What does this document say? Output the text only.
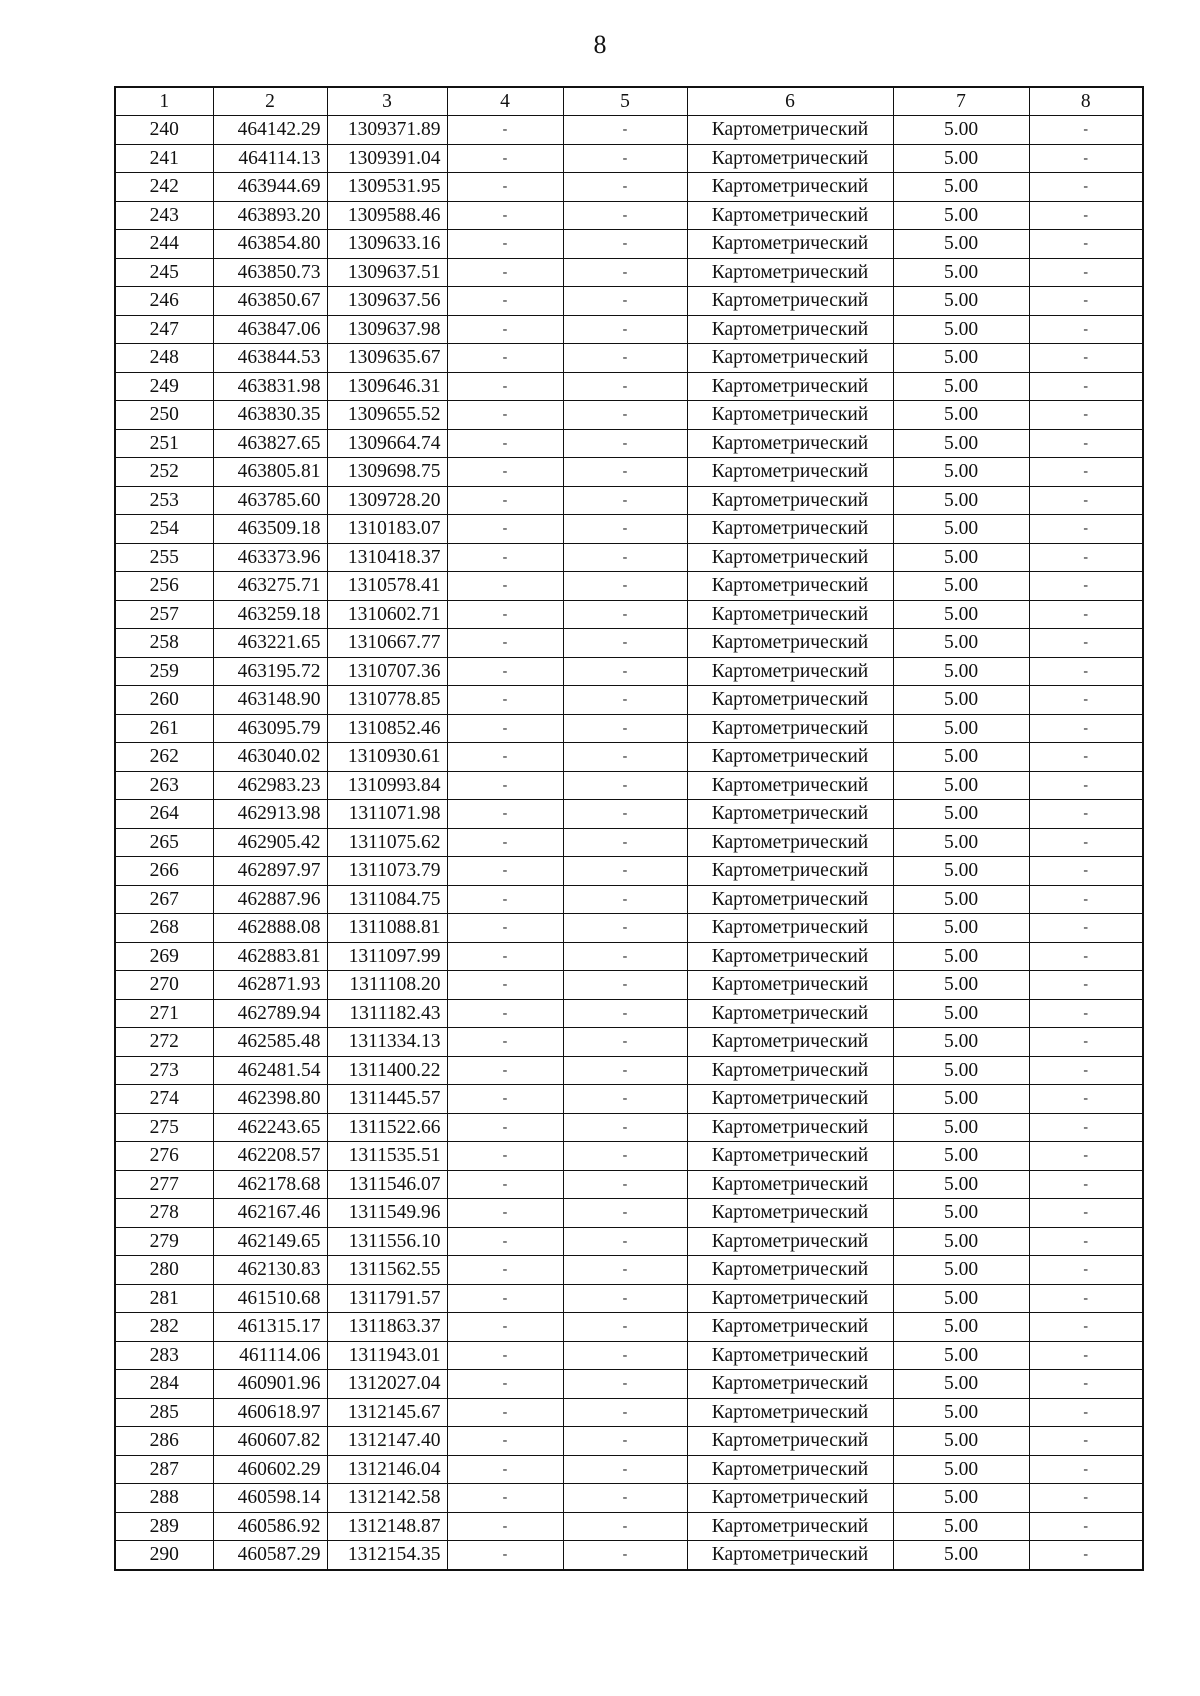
8
1	2	3	4	5	6	7	8
240	464142.29	1309371.89	-	-	Картометрический	5.00	-
241	464114.13	1309391.04	-	-	Картометрический	5.00	-
242	463944.69	1309531.95	-	-	Картометрический	5.00	-
243	463893.20	1309588.46	-	-	Картометрический	5.00	-
244	463854.80	1309633.16	-	-	Картометрический	5.00	-
245	463850.73	1309637.51	-	-	Картометрический	5.00	-
246	463850.67	1309637.56	-	-	Картометрический	5.00	-
247	463847.06	1309637.98	-	-	Картометрический	5.00	-
248	463844.53	1309635.67	-	-	Картометрический	5.00	-
249	463831.98	1309646.31	-	-	Картометрический	5.00	-
250	463830.35	1309655.52	-	-	Картометрический	5.00	-
251	463827.65	1309664.74	-	-	Картометрический	5.00	-
252	463805.81	1309698.75	-	-	Картометрический	5.00	-
253	463785.60	1309728.20	-	-	Картометрический	5.00	-
254	463509.18	1310183.07	-	-	Картометрический	5.00	-
255	463373.96	1310418.37	-	-	Картометрический	5.00	-
256	463275.71	1310578.41	-	-	Картометрический	5.00	-
257	463259.18	1310602.71	-	-	Картометрический	5.00	-
258	463221.65	1310667.77	-	-	Картометрический	5.00	-
259	463195.72	1310707.36	-	-	Картометрический	5.00	-
260	463148.90	1310778.85	-	-	Картометрический	5.00	-
261	463095.79	1310852.46	-	-	Картометрический	5.00	-
262	463040.02	1310930.61	-	-	Картометрический	5.00	-
263	462983.23	1310993.84	-	-	Картометрический	5.00	-
264	462913.98	1311071.98	-	-	Картометрический	5.00	-
265	462905.42	1311075.62	-	-	Картометрический	5.00	-
266	462897.97	1311073.79	-	-	Картометрический	5.00	-
267	462887.96	1311084.75	-	-	Картометрический	5.00	-
268	462888.08	1311088.81	-	-	Картометрический	5.00	-
269	462883.81	1311097.99	-	-	Картометрический	5.00	-
270	462871.93	1311108.20	-	-	Картометрический	5.00	-
271	462789.94	1311182.43	-	-	Картометрический	5.00	-
272	462585.48	1311334.13	-	-	Картометрический	5.00	-
273	462481.54	1311400.22	-	-	Картометрический	5.00	-
274	462398.80	1311445.57	-	-	Картометрический	5.00	-
275	462243.65	1311522.66	-	-	Картометрический	5.00	-
276	462208.57	1311535.51	-	-	Картометрический	5.00	-
277	462178.68	1311546.07	-	-	Картометрический	5.00	-
278	462167.46	1311549.96	-	-	Картометрический	5.00	-
279	462149.65	1311556.10	-	-	Картометрический	5.00	-
280	462130.83	1311562.55	-	-	Картометрический	5.00	-
281	461510.68	1311791.57	-	-	Картометрический	5.00	-
282	461315.17	1311863.37	-	-	Картометрический	5.00	-
283	461114.06	1311943.01	-	-	Картометрический	5.00	-
284	460901.96	1312027.04	-	-	Картометрический	5.00	-
285	460618.97	1312145.67	-	-	Картометрический	5.00	-
286	460607.82	1312147.40	-	-	Картометрический	5.00	-
287	460602.29	1312146.04	-	-	Картометрический	5.00	-
288	460598.14	1312142.58	-	-	Картометрический	5.00	-
289	460586.92	1312148.87	-	-	Картометрический	5.00	-
290	460587.29	1312154.35	-	-	Картометрический	5.00	-
